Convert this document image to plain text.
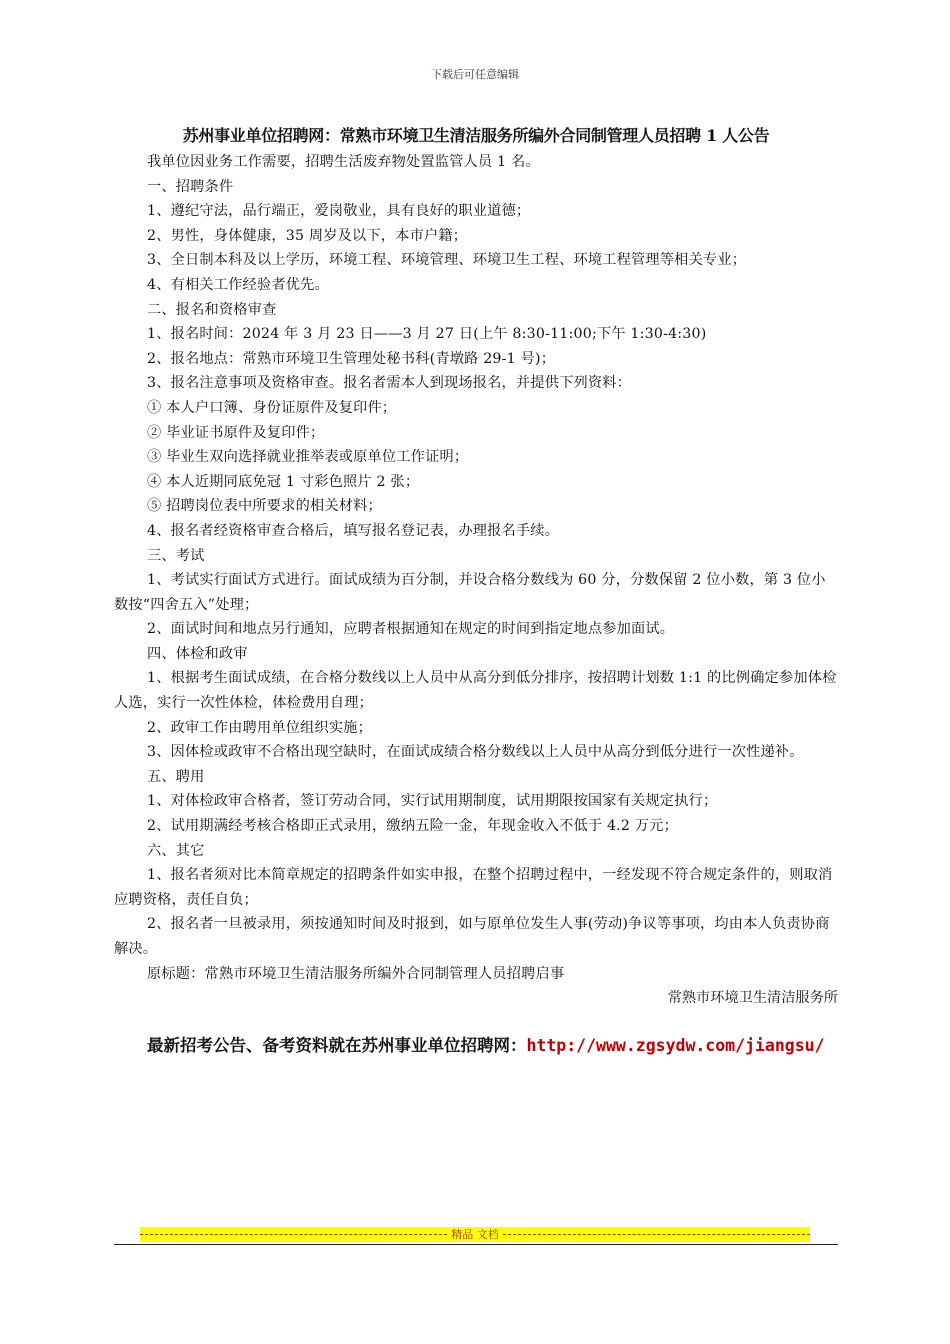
下载后可任意编辑
苏州事业单位招聘网：常熟市环境卫生清洁服务所编外合同制管理人员招聘 1 人公告

我单位因业务工作需要，招聘生活废弃物处置监管人员 1 名。

一、招聘条件

1、遵纪守法，品行端正，爱岗敬业，具有良好的职业道德；

2、男性，身体健康，35 周岁及以下，本市户籍；

3、全日制本科及以上学历，环境工程、环境管理、环境卫生工程、环境工程管理等相关专业；

4、有相关工作经验者优先。

二、报名和资格审查

1、报名时间：2024 年 3 月 23 日——3 月 27 日(上午 8:30-11:00;下午 1:30-4:30)

2、报名地点：常熟市环境卫生管理处秘书科(青墩路 29-1 号)；

3、报名注意事项及资格审查。报名者需本人到现场报名，并提供下列资料：

① 本人户口簿、身份证原件及复印件；

② 毕业证书原件及复印件；

③ 毕业生双向选择就业推举表或原单位工作证明；

④ 本人近期同底免冠 1 寸彩色照片 2 张；

⑤ 招聘岗位表中所要求的相关材料；

4、报名者经资格审查合格后，填写报名登记表，办理报名手续。

三、考试

1、考试实行面试方式进行。面试成绩为百分制，并设合格分数线为 60 分，分数保留 2 位小数，第 3 位小数按“四舍五入”处理；

2、面试时间和地点另行通知，应聘者根据通知在规定的时间到指定地点参加面试。

四、体检和政审

1、根据考生面试成绩，在合格分数线以上人员中从高分到低分排序，按招聘计划数 1:1 的比例确定参加体检人选，实行一次性体检，体检费用自理；

2、政审工作由聘用单位组织实施；

3、因体检或政审不合格出现空缺时，在面试成绩合格分数线以上人员中从高分到低分进行一次性递补。

五、聘用

1、对体检政审合格者，签订劳动合同，实行试用期制度，试用期限按国家有关规定执行；

2、试用期满经考核合格即正式录用，缴纳五险一金，年现金收入不低于 4.2 万元；

六、其它

1、报名者须对比本简章规定的招聘条件如实申报，在整个招聘过程中，一经发现不符合规定条件的，则取消应聘资格，责任自负；

2、报名者一旦被录用，须按通知时间及时报到，如与原单位发生人事(劳动)争议等事项，均由本人负责协商解决。

原标题：常熟市环境卫生清洁服务所编外合同制管理人员招聘启事

常熟市环境卫生清洁服务所

最新招考公告、备考资料就在苏州事业单位招聘网：http://www.zgsydw.com/jiangsu/

精品 文档
